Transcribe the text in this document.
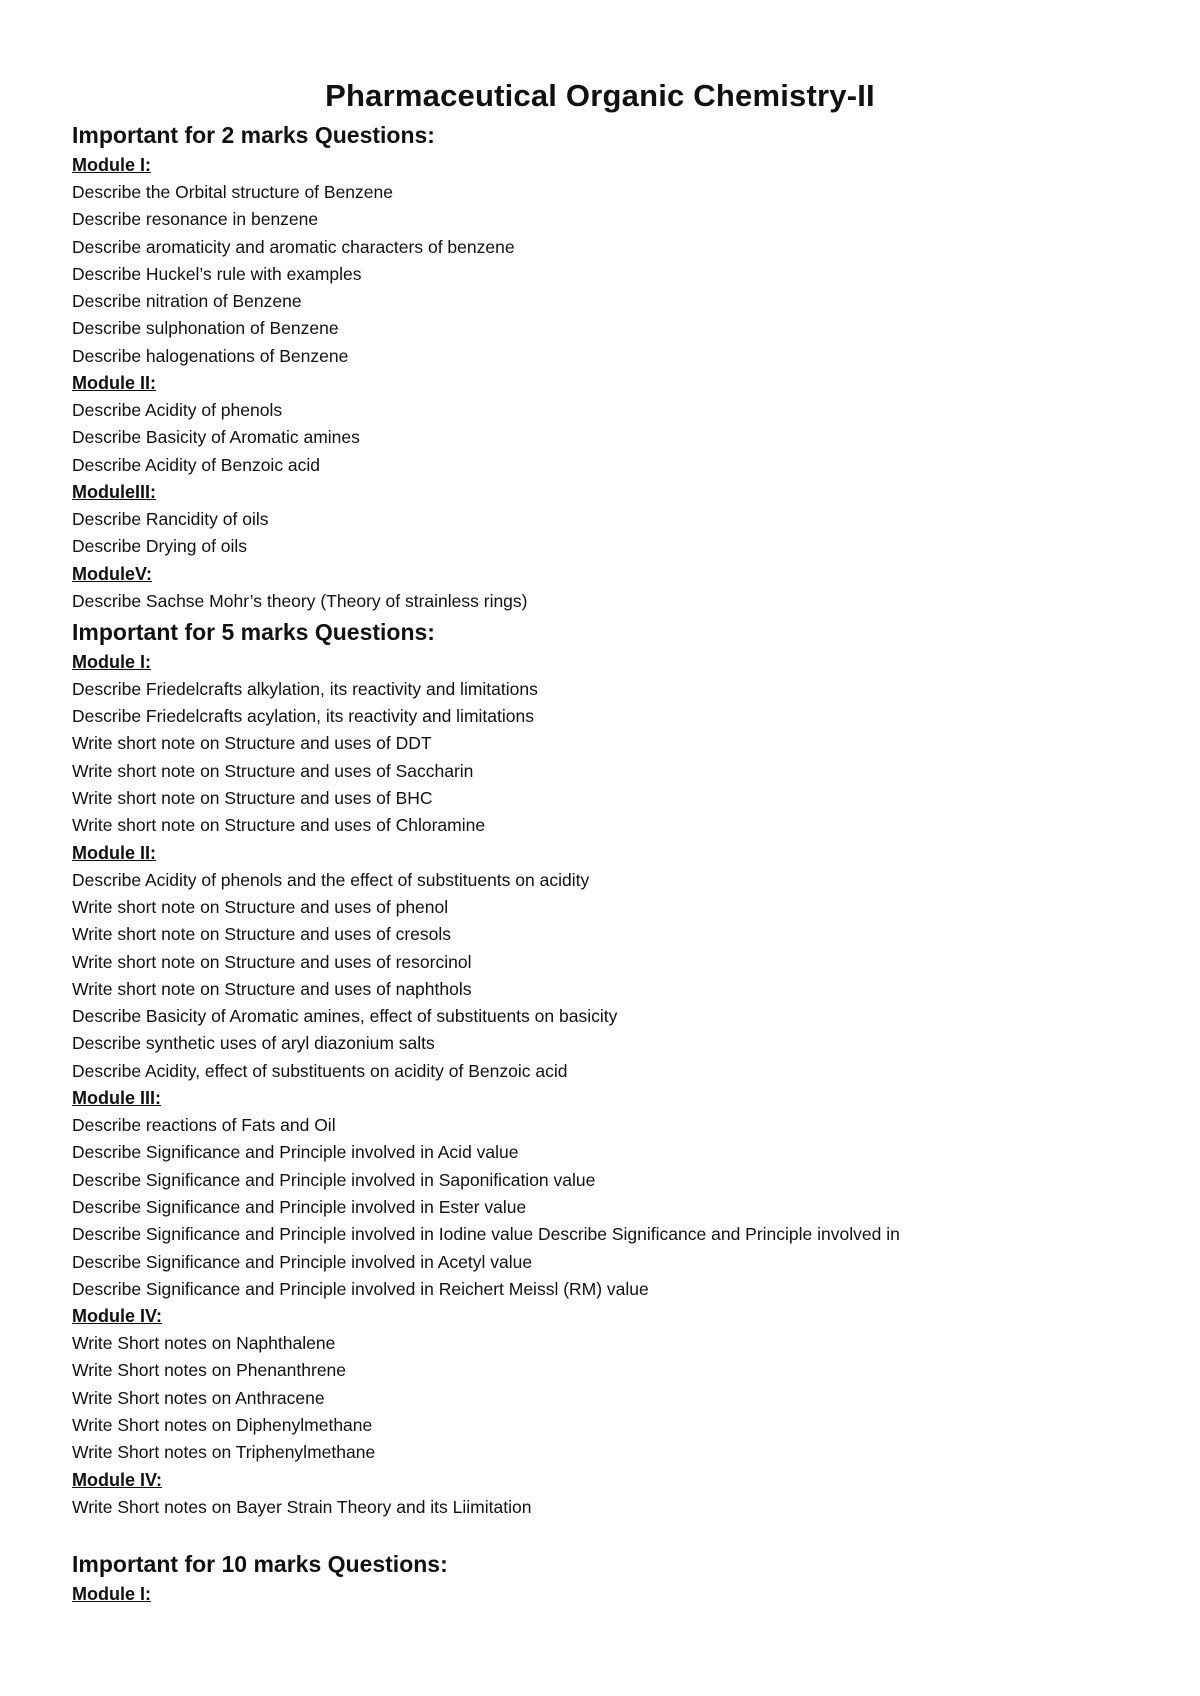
Pharmaceutical Organic Chemistry-II
Important for 2 marks Questions:
Module I:
Describe the Orbital structure of Benzene
Describe resonance in benzene
Describe aromaticity and aromatic characters of benzene
Describe Huckel’s rule with examples
Describe nitration of Benzene
Describe sulphonation of Benzene
Describe halogenations of Benzene
Module II:
Describe Acidity of phenols
Describe Basicity of Aromatic amines
Describe Acidity of Benzoic acid
ModuleIII:
Describe Rancidity of oils
Describe Drying of oils
ModuleV:
Describe Sachse Mohr’s theory (Theory of strainless rings)
Important for 5 marks Questions:
Module I:
Describe Friedelcrafts alkylation, its reactivity and limitations
Describe Friedelcrafts acylation, its reactivity and limitations
Write short note on Structure and uses of DDT
Write short note on Structure and uses of Saccharin
Write short note on Structure and uses of BHC
Write short note on Structure and uses of Chloramine
Module II:
Describe Acidity of phenols and the effect of substituents on acidity
Write short note on Structure and uses of phenol
Write short note on Structure and uses of cresols
Write short note on Structure and uses of resorcinol
Write short note on Structure and uses of naphthols
Describe Basicity of Aromatic amines, effect of substituents on basicity
Describe synthetic uses of aryl diazonium salts
Describe Acidity, effect of substituents on acidity of Benzoic acid
Module III:
Describe reactions of Fats and Oil
Describe Significance and Principle involved in Acid value
Describe Significance and Principle involved in Saponification value
Describe Significance and Principle involved in Ester value
Describe Significance and Principle involved in Iodine value Describe Significance and Principle involved in
Describe Significance and Principle involved in Acetyl value
Describe Significance and Principle involved in Reichert Meissl (RM) value
Module IV:
Write Short notes on Naphthalene
Write Short notes on Phenanthrene
Write Short notes on Anthracene
Write Short notes on Diphenylmethane
Write Short notes on Triphenylmethane
Module IV:
Write Short notes on Bayer Strain Theory and its Liimitation
Important for 10 marks Questions:
Module I:
